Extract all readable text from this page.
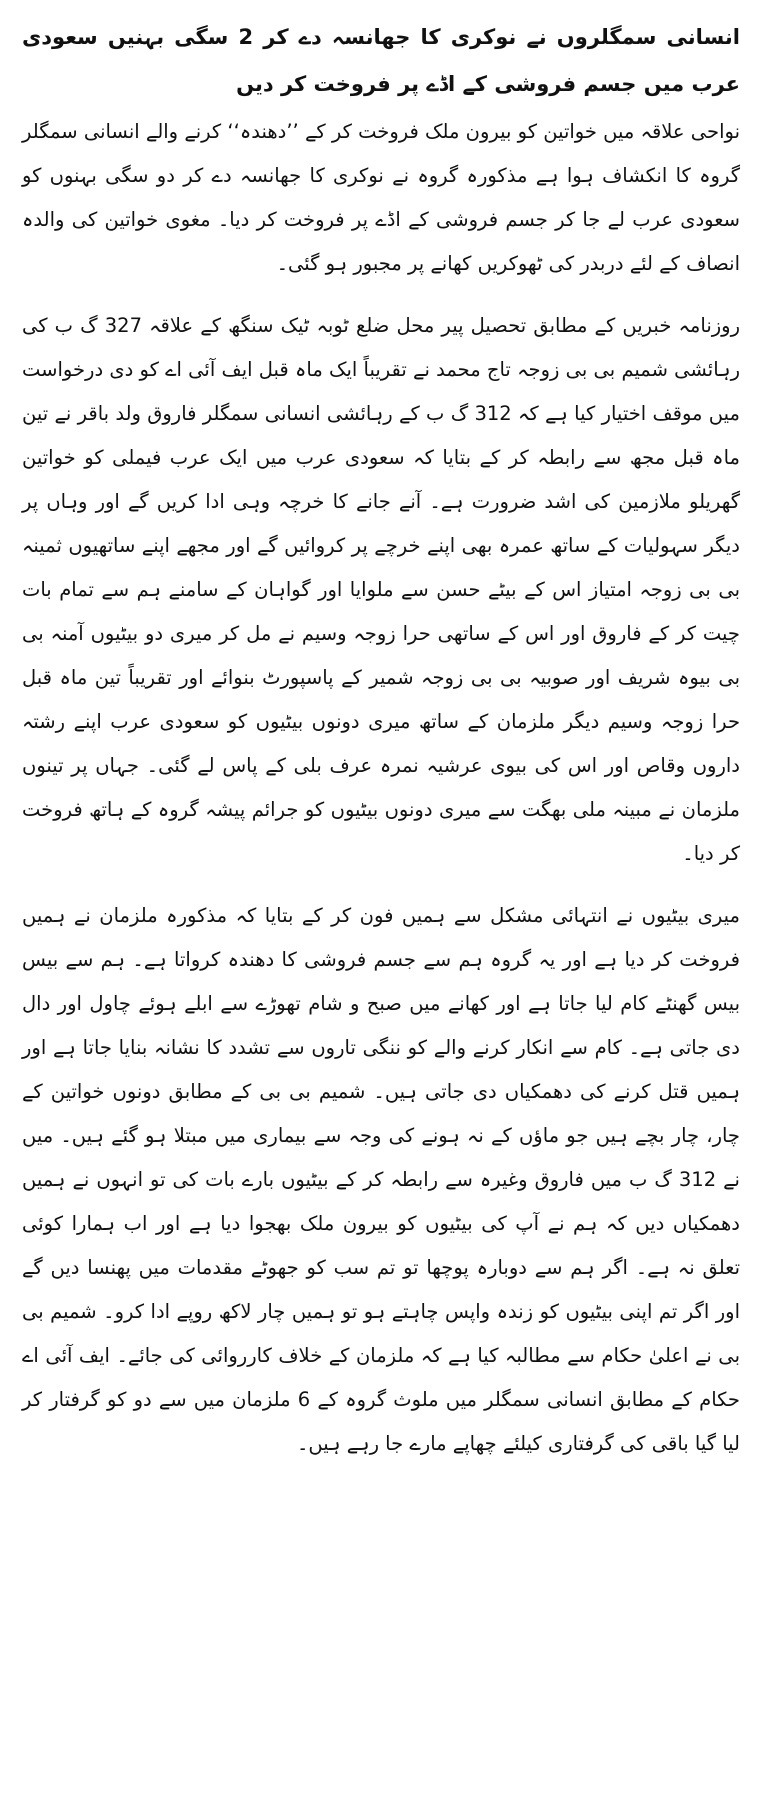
انسانی سمگلروں نے نوکری کا جھانسہ دے کر 2 سگی بہنیں سعودی عرب میں جسم فروشی کے اڈے پر فروخت کر دیں

نواحی علاقہ میں خواتین کو بیرون ملک فروخت کر کے ’’دھندہ‘‘ کرنے والے انسانی سمگلر گروہ کا انکشاف ہوا ہے مذکورہ گروہ نے نوکری کا جھانسہ دے کر دو سگی بہنوں کو سعودی عرب لے جا کر جسم فروشی کے اڈے پر فروخت کر دیا۔ مغوی خواتین کی والدہ انصاف کے لئے دربدر کی ٹھوکریں کھانے پر مجبور ہو گئی۔

روزنامہ خبریں کے مطابق تحصیل پیر محل ضلع ٹوبہ ٹیک سنگھ کے علاقہ 327 گ ب کی رہائشی شمیم بی بی زوجہ تاج محمد نے تقریباً ایک ماہ قبل ایف آئی اے کو دی درخواست میں موقف اختیار کیا ہے کہ 312 گ ب کے رہائشی انسانی سمگلر فاروق ولد باقر نے تین ماہ قبل مجھ سے رابطہ کر کے بتایا کہ سعودی عرب میں ایک عرب فیملی کو خواتین گھریلو ملازمین کی اشد ضرورت ہے۔ آنے جانے کا خرچہ وہی ادا کریں گے اور وہاں پر دیگر سہولیات کے ساتھ عمرہ بھی اپنے خرچے پر کروائیں گے اور مجھے اپنے ساتھیوں ثمینہ بی بی زوجہ امتیاز اس کے بیٹے حسن سے ملوایا اور گواہان کے سامنے ہم سے تمام بات چیت کر کے فاروق اور اس کے ساتھی حرا زوجہ وسیم نے مل کر میری دو بیٹیوں آمنہ بی بی بیوہ شریف اور صوبیہ بی بی زوجہ شمیر کے پاسپورٹ بنوائے اور تقریباً تین ماہ قبل حرا زوجہ وسیم دیگر ملزمان کے ساتھ میری دونوں بیٹیوں کو سعودی عرب اپنے رشتہ داروں وقاص اور اس کی بیوی عرشیہ نمرہ عرف بلی کے پاس لے گئی۔ جہاں پر تینوں ملزمان نے مبینہ ملی بھگت سے میری دونوں بیٹیوں کو جرائم پیشہ گروہ کے ہاتھ فروخت کر دیا۔

میری بیٹیوں نے انتہائی مشکل سے ہمیں فون کر کے بتایا کہ مذکورہ ملزمان نے ہمیں فروخت کر دیا ہے اور یہ گروہ ہم سے جسم فروشی کا دھندہ کرواتا ہے۔ ہم سے بیس بیس گھنٹے کام لیا جاتا ہے اور کھانے میں صبح و شام تھوڑے سے ابلے ہوئے چاول اور دال دی جاتی ہے۔ کام سے انکار کرنے والے کو ننگی تاروں سے تشدد کا نشانہ بنایا جاتا ہے اور ہمیں قتل کرنے کی دھمکیاں دی جاتی ہیں۔ شمیم بی بی کے مطابق دونوں خواتین کے چار، چار بچے ہیں جو ماؤں کے نہ ہونے کی وجہ سے بیماری میں مبتلا ہو گئے ہیں۔ میں نے 312 گ ب میں فاروق وغیرہ سے رابطہ کر کے بیٹیوں بارے بات کی تو انہوں نے ہمیں دھمکیاں دیں کہ ہم نے آپ کی بیٹیوں کو بیرون ملک بھجوا دیا ہے اور اب ہمارا کوئی تعلق نہ ہے۔ اگر ہم سے دوبارہ پوچھا تو تم سب کو جھوٹے مقدمات میں پھنسا دیں گے اور اگر تم اپنی بیٹیوں کو زندہ واپس چاہتے ہو تو ہمیں چار لاکھ روپے ادا کرو۔ شمیم بی بی نے اعلیٰ حکام سے مطالبہ کیا ہے کہ ملزمان کے خلاف کارروائی کی جائے۔ ایف آئی اے حکام کے مطابق انسانی سمگلر میں ملوث گروہ کے 6 ملزمان میں سے دو کو گرفتار کر لیا گیا باقی کی گرفتاری کیلئے چھاپے مارے جا رہے ہیں۔
